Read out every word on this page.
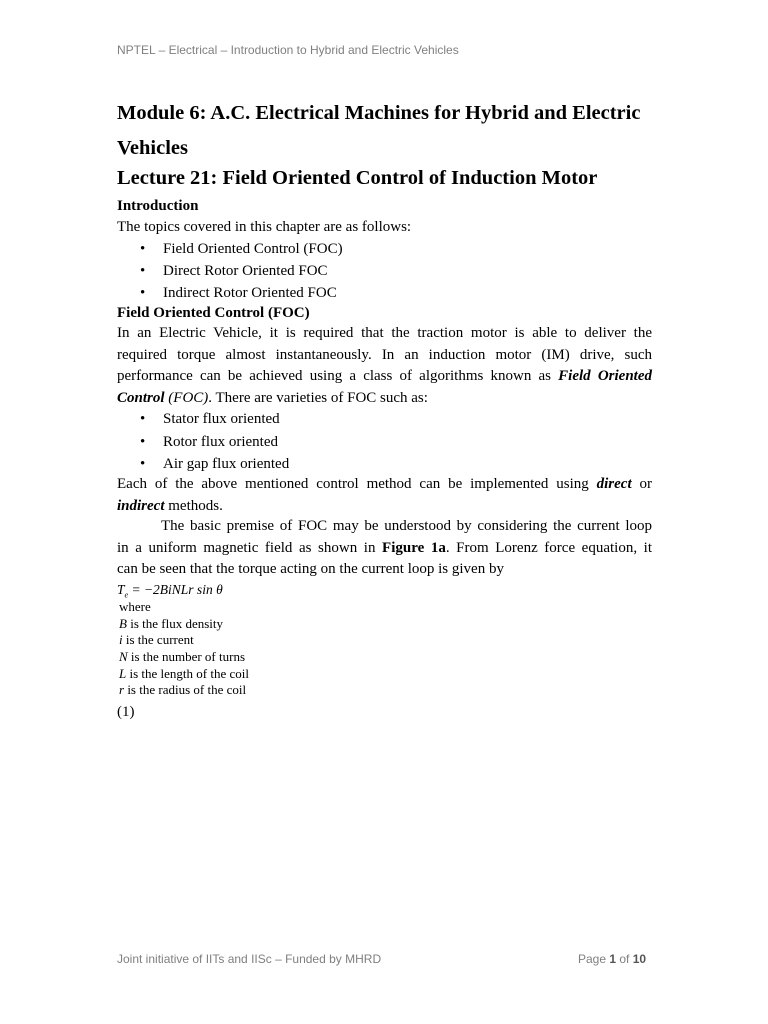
NPTEL – Electrical – Introduction to Hybrid and Electric Vehicles
Module 6: A.C. Electrical Machines for Hybrid and Electric Vehicles
Lecture 21: Field Oriented Control of Induction Motor
Introduction
The topics covered in this chapter are as follows:
• Field Oriented Control (FOC)
• Direct Rotor Oriented FOC
• Indirect Rotor Oriented FOC
Field Oriented Control (FOC)
In an Electric Vehicle, it is required that the traction motor is able to deliver the
required torque almost instantaneously. In an induction motor (IM) drive, such
performance can be achieved using a class of algorithms known as Field Oriented
Control (FOC). There are varieties of FOC such as:
• Stator flux oriented
• Rotor flux oriented
• Air gap flux oriented
Each of the above mentioned control method can be implemented using direct or
indirect methods.
The basic premise of FOC may be understood by considering the current loop
in a uniform magnetic field as shown in Figure 1a. From Lorenz force equation, it
can be seen that the torque acting on the current loop is given by
$T_e$ = −2BiNLr sin θ
where
B is the flux density
i is the current
N is the number of turns
L is the length of the coil
r is the radius of the coil
(1)
Joint initiative of IITs and IISc – Funded by MHRD	Page 1 of 10
